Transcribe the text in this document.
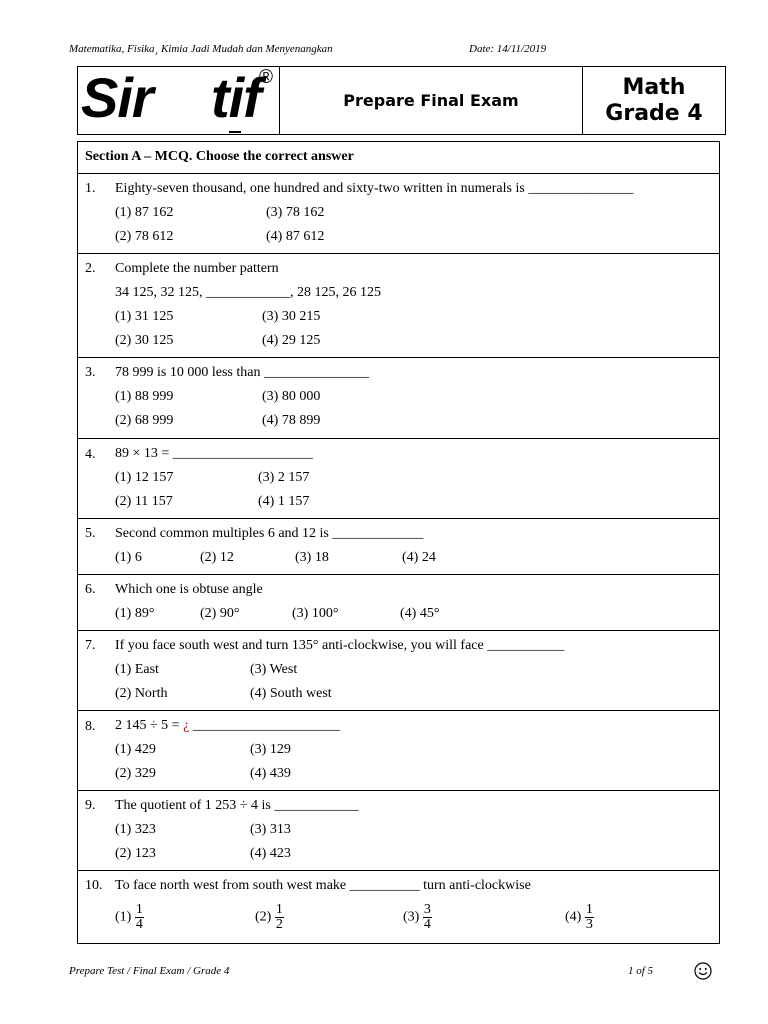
Matematika, Fisika¸ Kimia Jadi Mudah dan Menyenangkan	Date: 14/11/2019
Sir    tif
®
Prepare Final Exam
Math
Grade 4
Section A – MCQ. Choose the correct answer
1. Eighty-seven thousand, one hundred and sixty-two written in numerals is _______________
(1) 87 162	(3) 78 162
(2) 78 612	(4) 87 612
2. Complete the number pattern
34 125, 32 125, ____________, 28 125, 26 125
(1) 31 125	(3) 30 215
(2) 30 125	(4) 29 125
3. 78 999 is 10 000 less than _______________
(1) 88 999	(3) 80 000
(2) 68 999	(4) 78 899
4. 89 × 13 = ____________________
(1) 12 157	(3) 2 157
(2) 11 157	(4) 1 157
5. Second common multiples 6 and 12 is _____________
(1) 6	(2) 12	(3) 18	(4) 24
6. Which one is obtuse angle
(1) 89°	(2) 90°	(3) 100°	(4) 45°
7. If you face south west and turn 135° anti-clockwise, you will face ___________
(1) East	(3) West
(2) North	(4) South west
8. 2 145 ÷ 5 = ¿ _____________________
(1) 429	(3) 129
(2) 329	(4) 439
9. The quotient of 1 253 ÷ 4 is ____________
(1) 323	(3) 313
(2) 123	(4) 423
10. To face north west from south west make __________ turn anti-clockwise
$(1) \frac{1}{4}$	$(2) \frac{1}{2}$	$(3) \frac{3}{4}$	$(4) \frac{1}{3}$
Prepare Test / Final Exam / Grade 4	1 of 5
